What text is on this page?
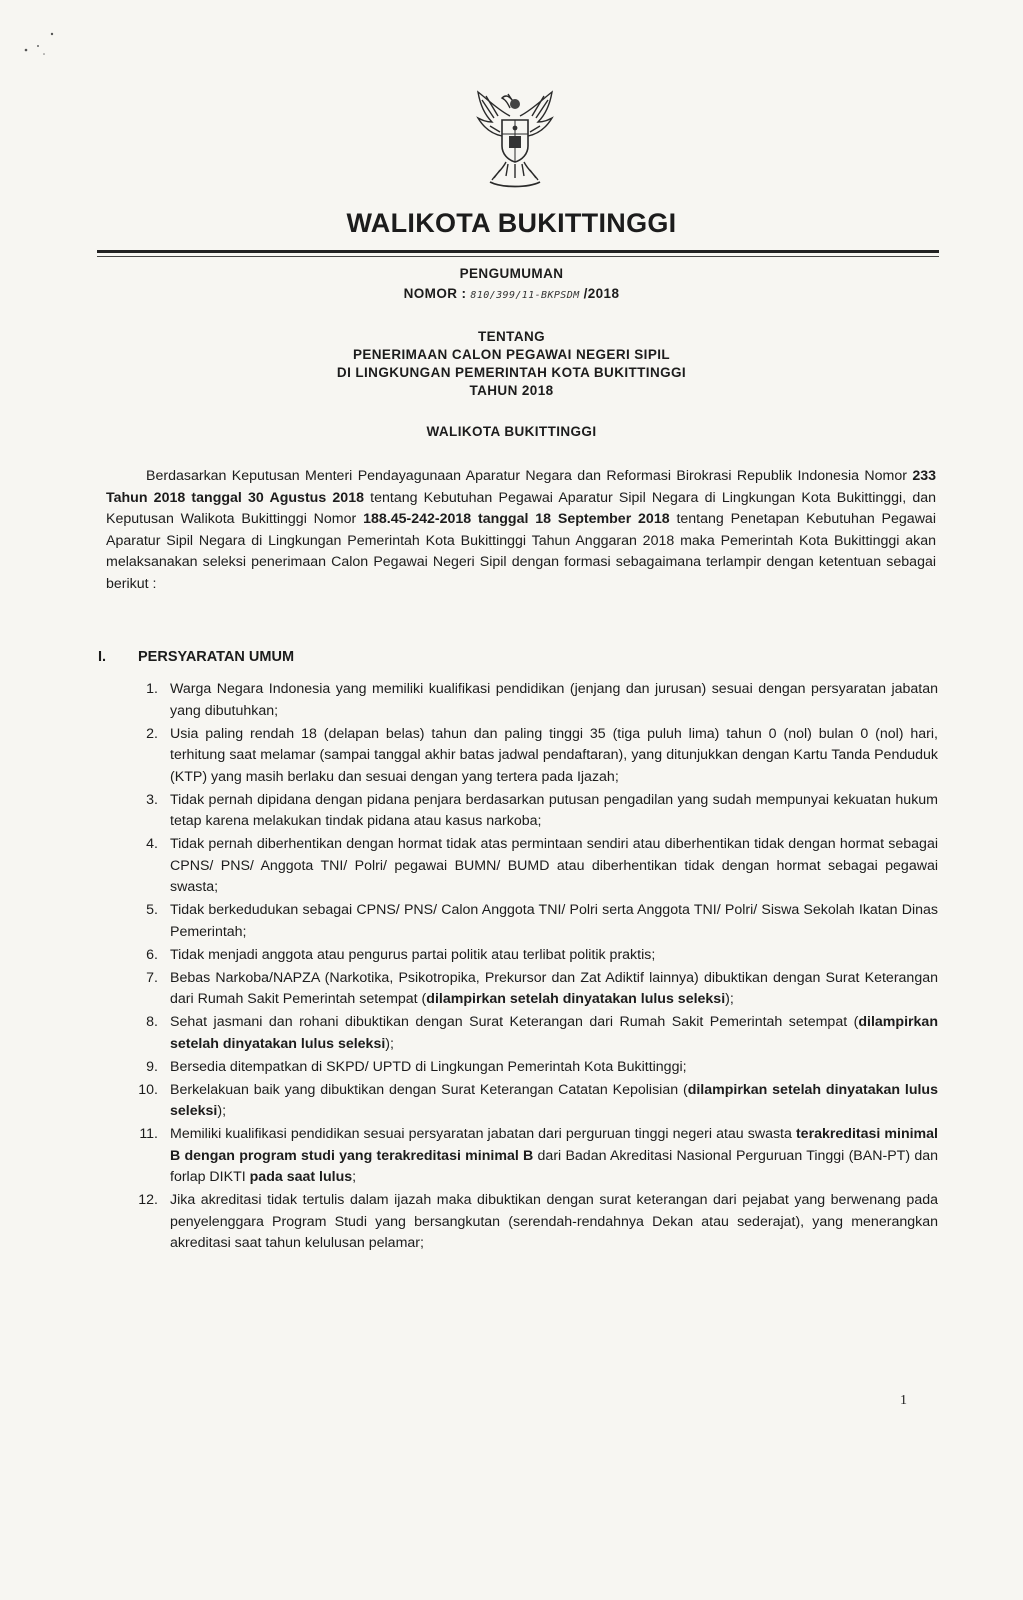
WALIKOTA BUKITTINGGI
PENGUMUMAN
NOMOR : 810/399/11-BKPSDM /2018
TENTANG
PENERIMAAN CALON PEGAWAI NEGERI SIPIL
DI LINGKUNGAN PEMERINTAH KOTA BUKITTINGGI
TAHUN 2018
WALIKOTA BUKITTINGGI
Berdasarkan Keputusan Menteri Pendayagunaan Aparatur Negara dan Reformasi Birokrasi Republik Indonesia Nomor 233 Tahun 2018 tanggal 30 Agustus 2018 tentang Kebutuhan Pegawai Aparatur Sipil Negara di Lingkungan Kota Bukittinggi, dan Keputusan Walikota Bukittinggi Nomor 188.45-242-2018 tanggal 18 September 2018 tentang Penetapan Kebutuhan Pegawai Aparatur Sipil Negara di Lingkungan Pemerintah Kota Bukittinggi Tahun Anggaran 2018 maka Pemerintah Kota Bukittinggi akan melaksanakan seleksi penerimaan Calon Pegawai Negeri Sipil dengan formasi sebagaimana terlampir dengan ketentuan sebagai berikut :
I. PERSYARATAN UMUM
1. Warga Negara Indonesia yang memiliki kualifikasi pendidikan (jenjang dan jurusan) sesuai dengan persyaratan jabatan yang dibutuhkan;
2. Usia paling rendah 18 (delapan belas) tahun dan paling tinggi 35 (tiga puluh lima) tahun 0 (nol) bulan 0 (nol) hari, terhitung saat melamar (sampai tanggal akhir batas jadwal pendaftaran), yang ditunjukkan dengan Kartu Tanda Penduduk (KTP) yang masih berlaku dan sesuai dengan yang tertera pada Ijazah;
3. Tidak pernah dipidana dengan pidana penjara berdasarkan putusan pengadilan yang sudah mempunyai kekuatan hukum tetap karena melakukan tindak pidana atau kasus narkoba;
4. Tidak pernah diberhentikan dengan hormat tidak atas permintaan sendiri atau diberhentikan tidak dengan hormat sebagai CPNS/ PNS/ Anggota TNI/ Polri/ pegawai BUMN/ BUMD atau diberhentikan tidak dengan hormat sebagai pegawai swasta;
5. Tidak berkedudukan sebagai CPNS/ PNS/ Calon Anggota TNI/ Polri serta Anggota TNI/ Polri/ Siswa Sekolah Ikatan Dinas Pemerintah;
6. Tidak menjadi anggota atau pengurus partai politik atau terlibat politik praktis;
7. Bebas Narkoba/NAPZA (Narkotika, Psikotropika, Prekursor dan Zat Adiktif lainnya) dibuktikan dengan Surat Keterangan dari Rumah Sakit Pemerintah setempat (dilampirkan setelah dinyatakan lulus seleksi);
8. Sehat jasmani dan rohani dibuktikan dengan Surat Keterangan dari Rumah Sakit Pemerintah setempat (dilampirkan setelah dinyatakan lulus seleksi);
9. Bersedia ditempatkan di SKPD/ UPTD di Lingkungan Pemerintah Kota Bukittinggi;
10. Berkelakuan baik yang dibuktikan dengan Surat Keterangan Catatan Kepolisian (dilampirkan setelah dinyatakan lulus seleksi);
11. Memiliki kualifikasi pendidikan sesuai persyaratan jabatan dari perguruan tinggi negeri atau swasta terakreditasi minimal B dengan program studi yang terakreditasi minimal B dari Badan Akreditasi Nasional Perguruan Tinggi (BAN-PT) dan forlap DIKTI pada saat lulus;
12. Jika akreditasi tidak tertulis dalam ijazah maka dibuktikan dengan surat keterangan dari pejabat yang berwenang pada penyelenggara Program Studi yang bersangkutan (serendah-rendahnya Dekan atau sederajat), yang menerangkan akreditasi saat tahun kelulusan pelamar;
1
